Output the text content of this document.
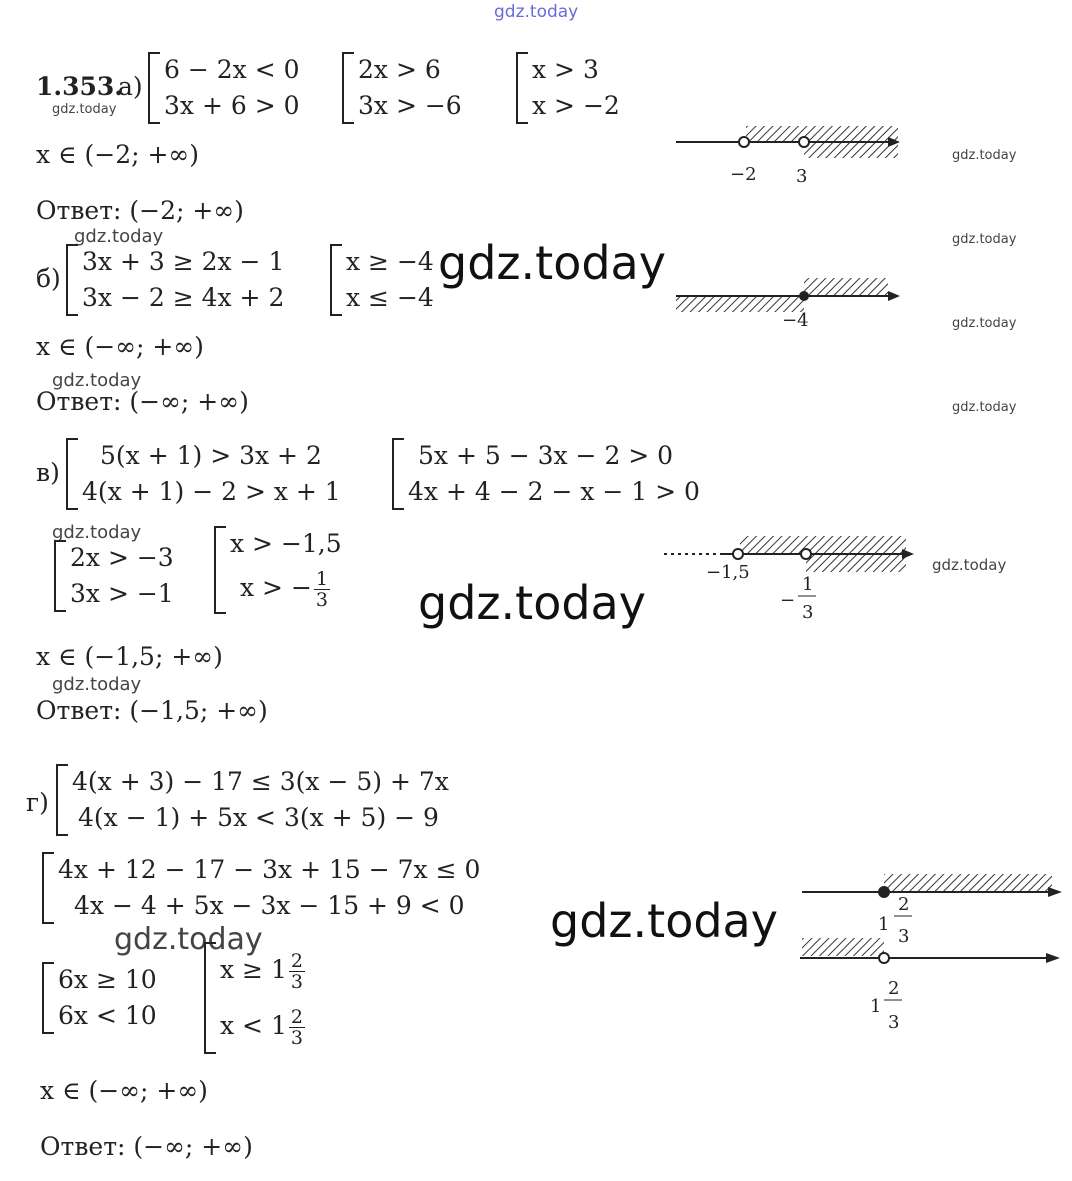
gdz.today
1.353.
а)
gdz.today
6 − 2x < 0
3x + 6 > 0
2x > 6
3x > −6
x > 3
x > −2
x ∈ (−2; +∞)
Ответ: (−2; +∞)
−2 3
gdz.today
gdz.today	gdz.today
б)
3x + 3 ≥ 2x − 1
3x − 2 ≥ 4x + 2
x ≥ −4
x ≤ −4
gdz.today
−4	gdz.today
x ∈ (−∞; +∞)
gdz.today
Ответ: (−∞; +∞)	gdz.today
в)
5(x + 1) > 3x + 2
4(x + 1) − 2 > x + 1
5x + 5 − 3x − 2 > 0
4x + 4 − 2 − x − 1 > 0
gdz.today
2x > −3
3x > −1
x > −1,5
x > − $\frac{1}{3}$ gdz.today
−1,5
−
1
3
gdz.today
x ∈ (−1,5; +∞)
gdz.today
Ответ: (−1,5; +∞)
г)
4(x + 3) − 17 ≤ 3(x − 5) + 7x
4(x − 1) + 5x < 3(x + 5) − 9
4x + 12 − 17 − 3x + 15 − 7x ≤ 0
4x − 4 + 5x − 3x − 15 + 9 < 0	gdz.today
gdz.today
6x ≥ 10
6x < 10
$x \ge 1 \frac{2}{3}$
$x < 1 \frac{2}{3}$
1
2
3
1
2
3
x ∈ (−∞; +∞)
Ответ: (−∞; +∞)
